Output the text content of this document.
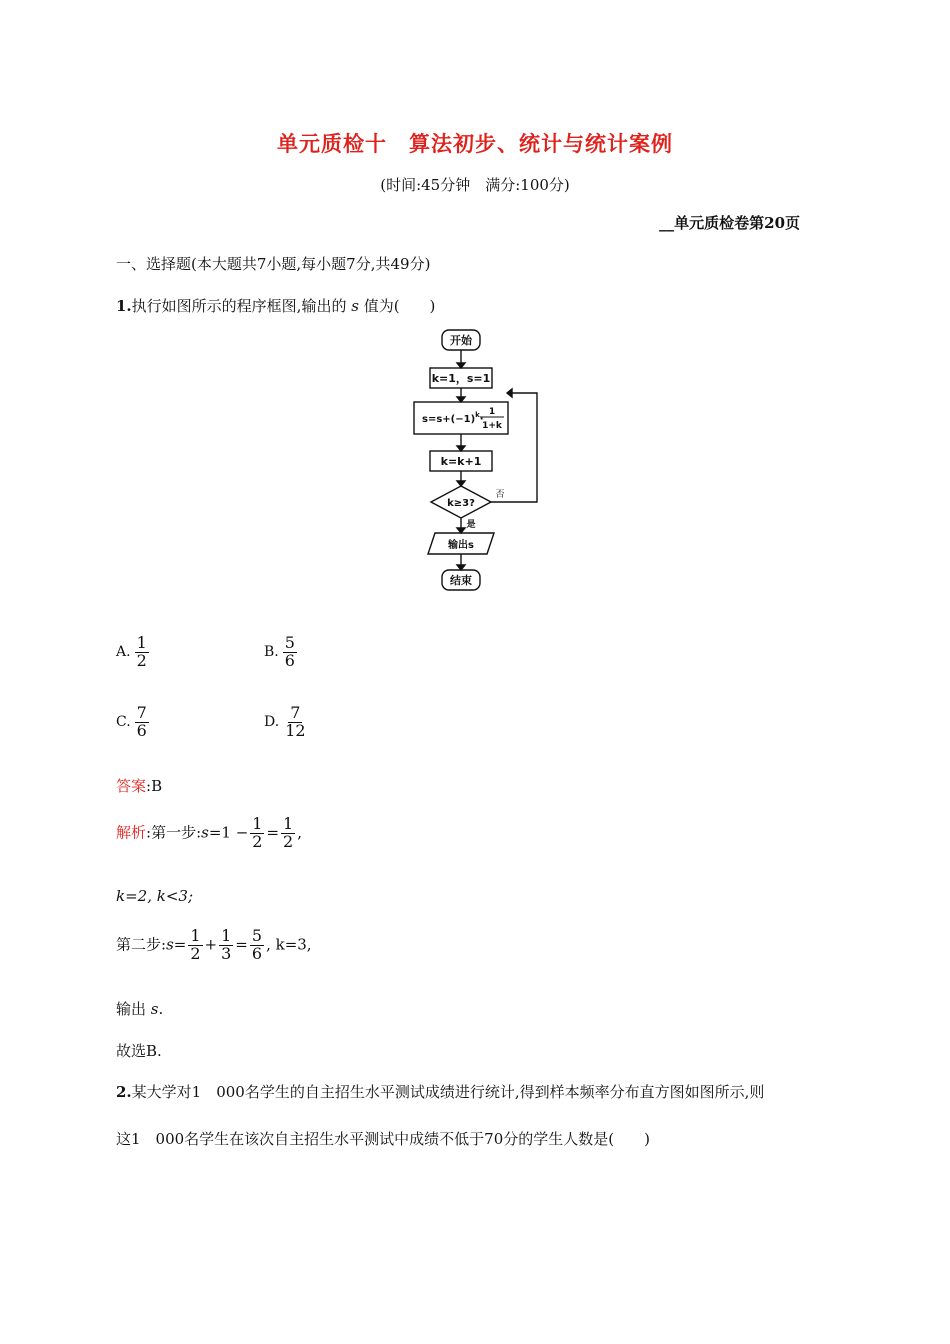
单元质检十　算法初步、统计与统计案例
(时间:45分钟　满分:100分)
__单元质检卷第20页
一、选择题(本大题共7小题,每小题7分,共49分)
1.执行如图所示的程序框图,输出的 s 值为(　　)
开始
k=1，s=1
$s=s+(-1)^k\cdot$
1
1+k
k=k+1
k≥3?
否
是
输出s
结束
A. $\frac{1}{2}$	B. $\frac{5}{6}$
C. $\frac{7}{6}$	D. $\frac{7}{12}$
答案:B
解析:第一步:s=1 − $\frac{1}{2} = \frac{1}{2}$ ,
k=2, k<3;
第二步:s= $\frac{1}{2} + \frac{1}{3} = \frac{5}{6}$ , k=3,
输出 s.
故选B.
2.某大学对1　000名学生的自主招生水平测试成绩进行统计,得到样本频率分布直方图如图所示,则
这1　000名学生在该次自主招生水平测试中成绩不低于70分的学生人数是(　　)
